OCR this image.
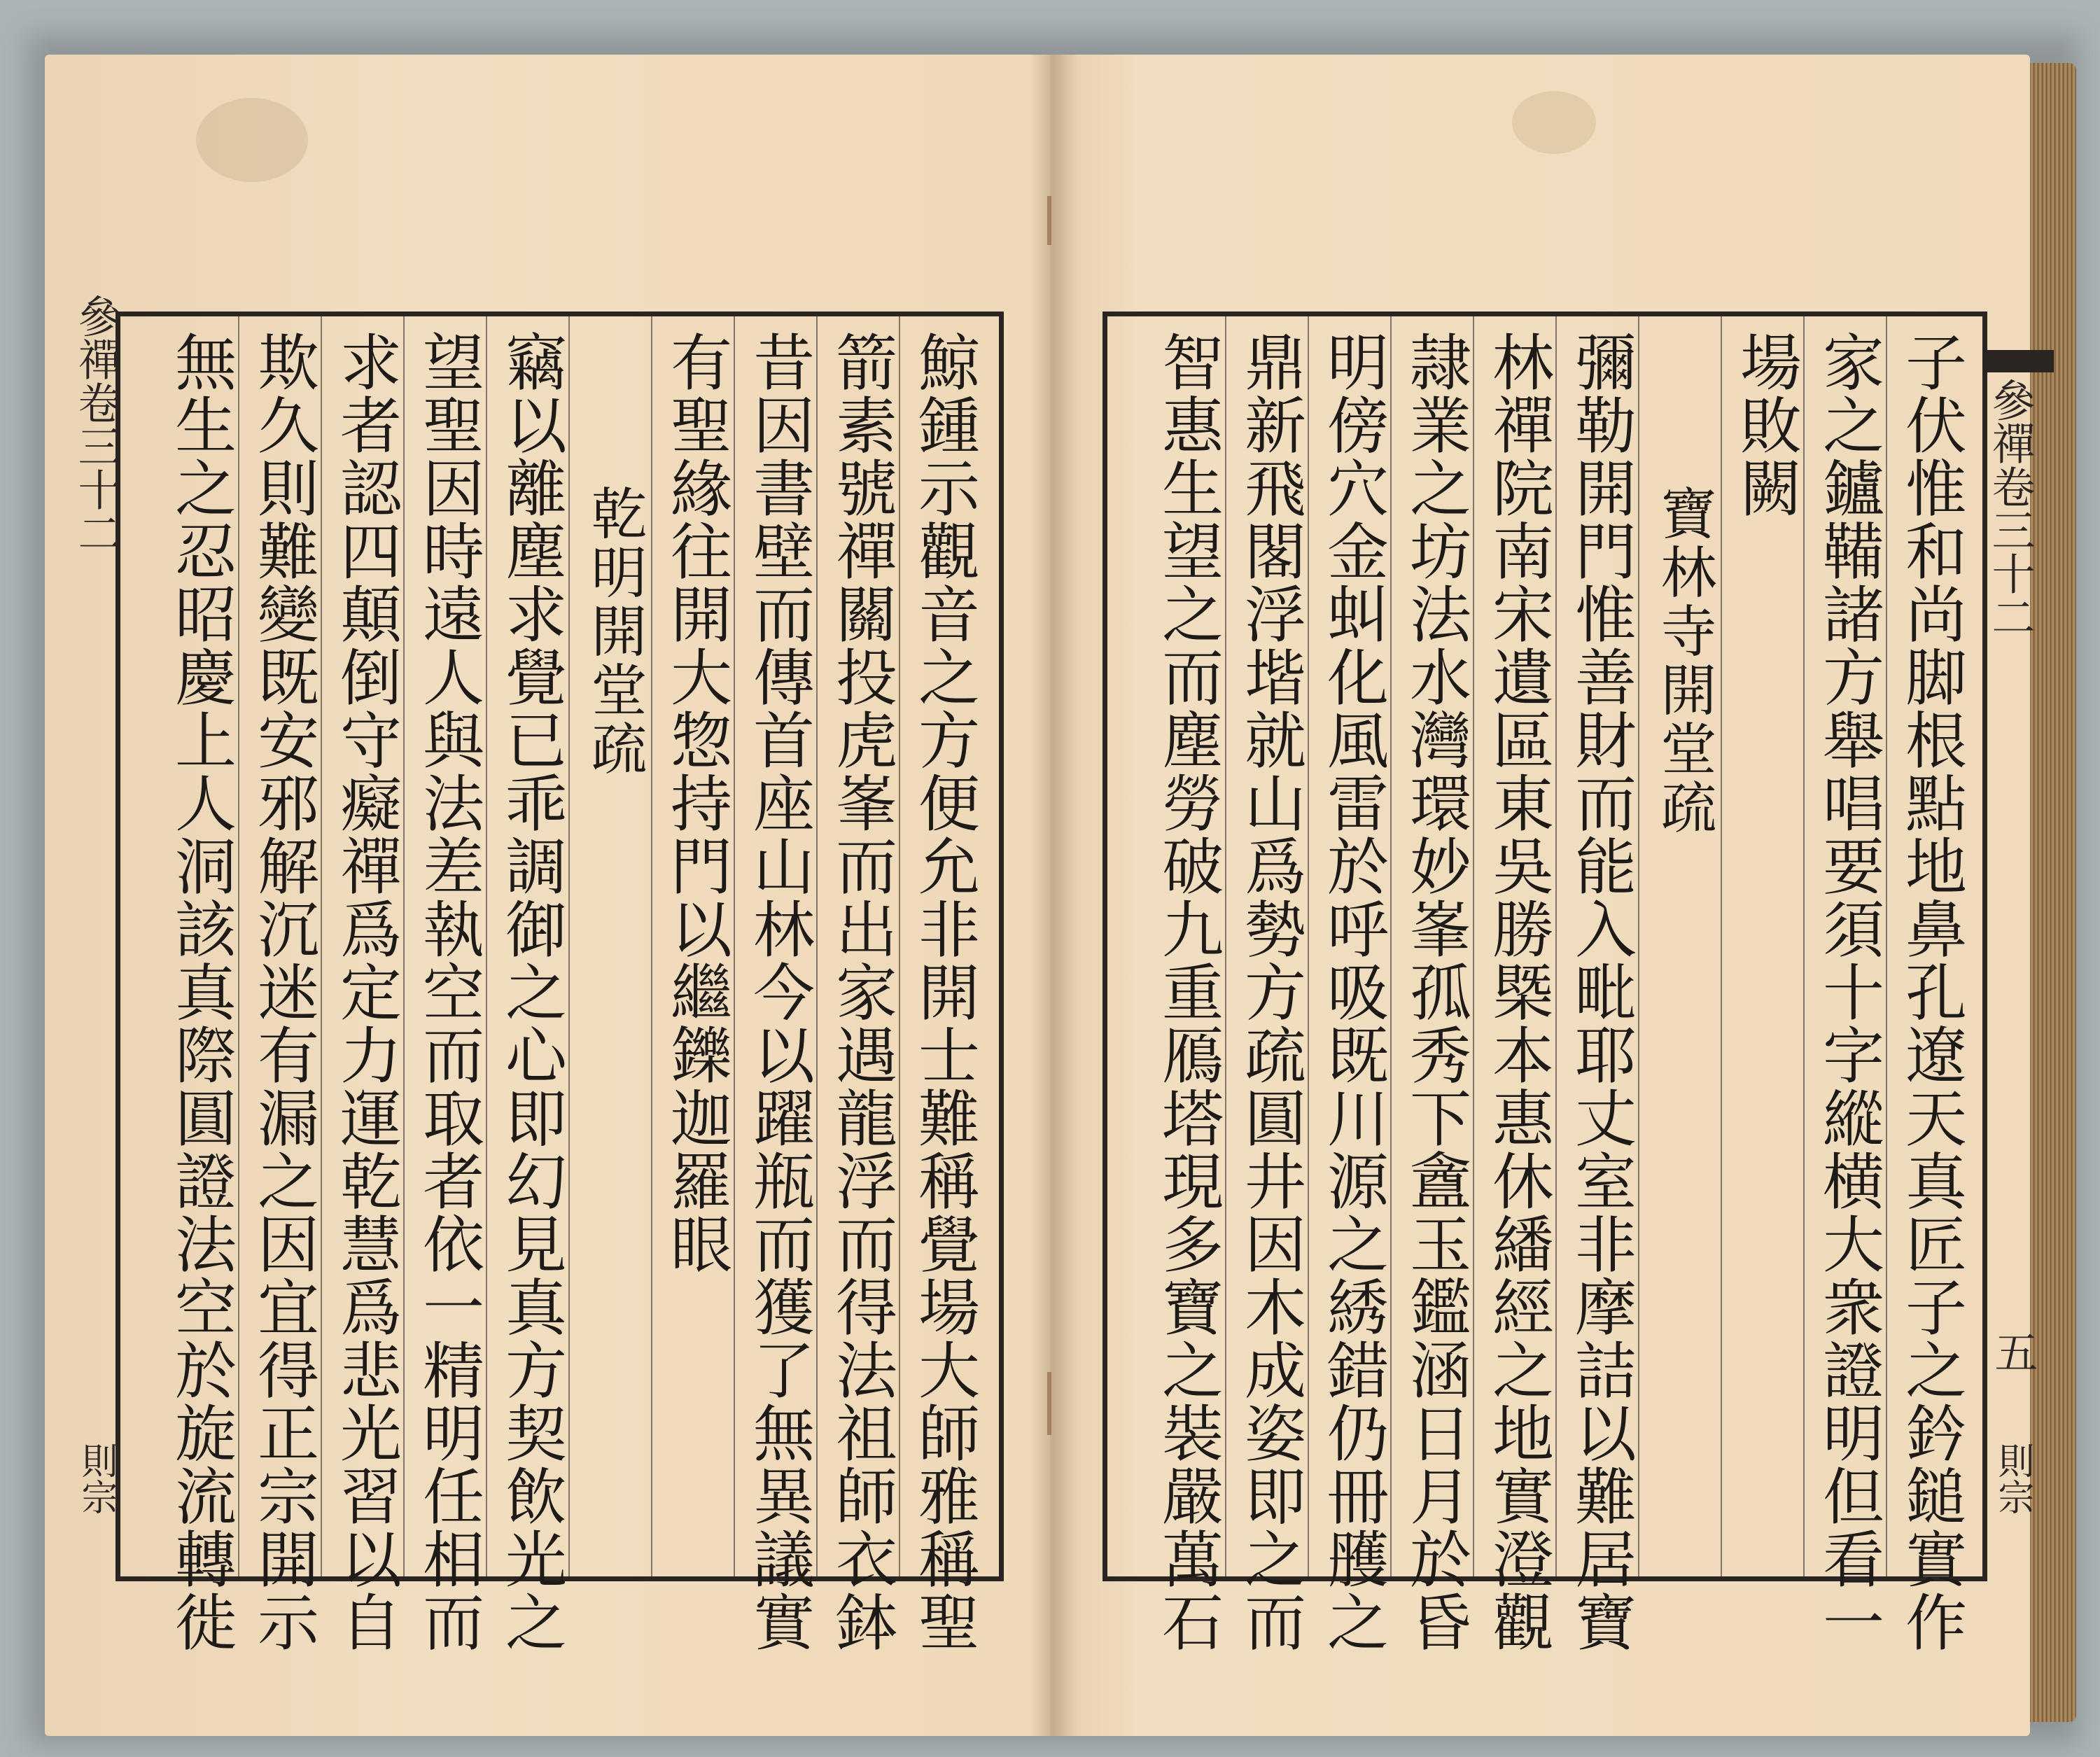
參禪卷三十二
則宗	鯨鍾示觀音之方便允非開士難稱覺場大師雅稱聖
箭素號禪關投虎峯而出家遇龍浮而得法祖師衣鉢
昔因書壁而傳首座山林今以躍瓶而獲了無異議實
有聖緣往開大惣持門以繼鑠迦羅眼
乾明開堂疏
竊以離塵求覺已乖調御之心即幻見真方契飲光之
望聖因時遠人與法差執空而取者依一精明任相而
求者認四顛倒守癡禪爲定力運乾慧爲悲光習以自
欺久則難變既安邪解沉迷有漏之因宜得正宗開示
無生之忍昭慶上人洞該真際圓證法空於旋流轉徙	子伏惟和尚脚根點地鼻孔遼天真匠子之鈐鎚實作
家之鑪鞴諸方舉唱要須十字縱横大衆證明但看一
場敗闕
寶林寺開堂疏
彌勒開門惟善財而能入毗耶丈室非摩詰以難居寶
林禪院南宋遺區東吳勝槩本惠休繙經之地實澄觀
隷業之坊法水灣環妙峯孤秀下盦玉鑑涵日月於昏
明傍穴金虯化風雷於呼吸既川源之綉錯仍冊雘之
鼎新飛閣浮堦就山爲勢方疏圓井因木成姿即之而
智惠生望之而塵勞破九重鴈塔現多寶之裝嚴萬石	參禪卷三十二
五
則宗
